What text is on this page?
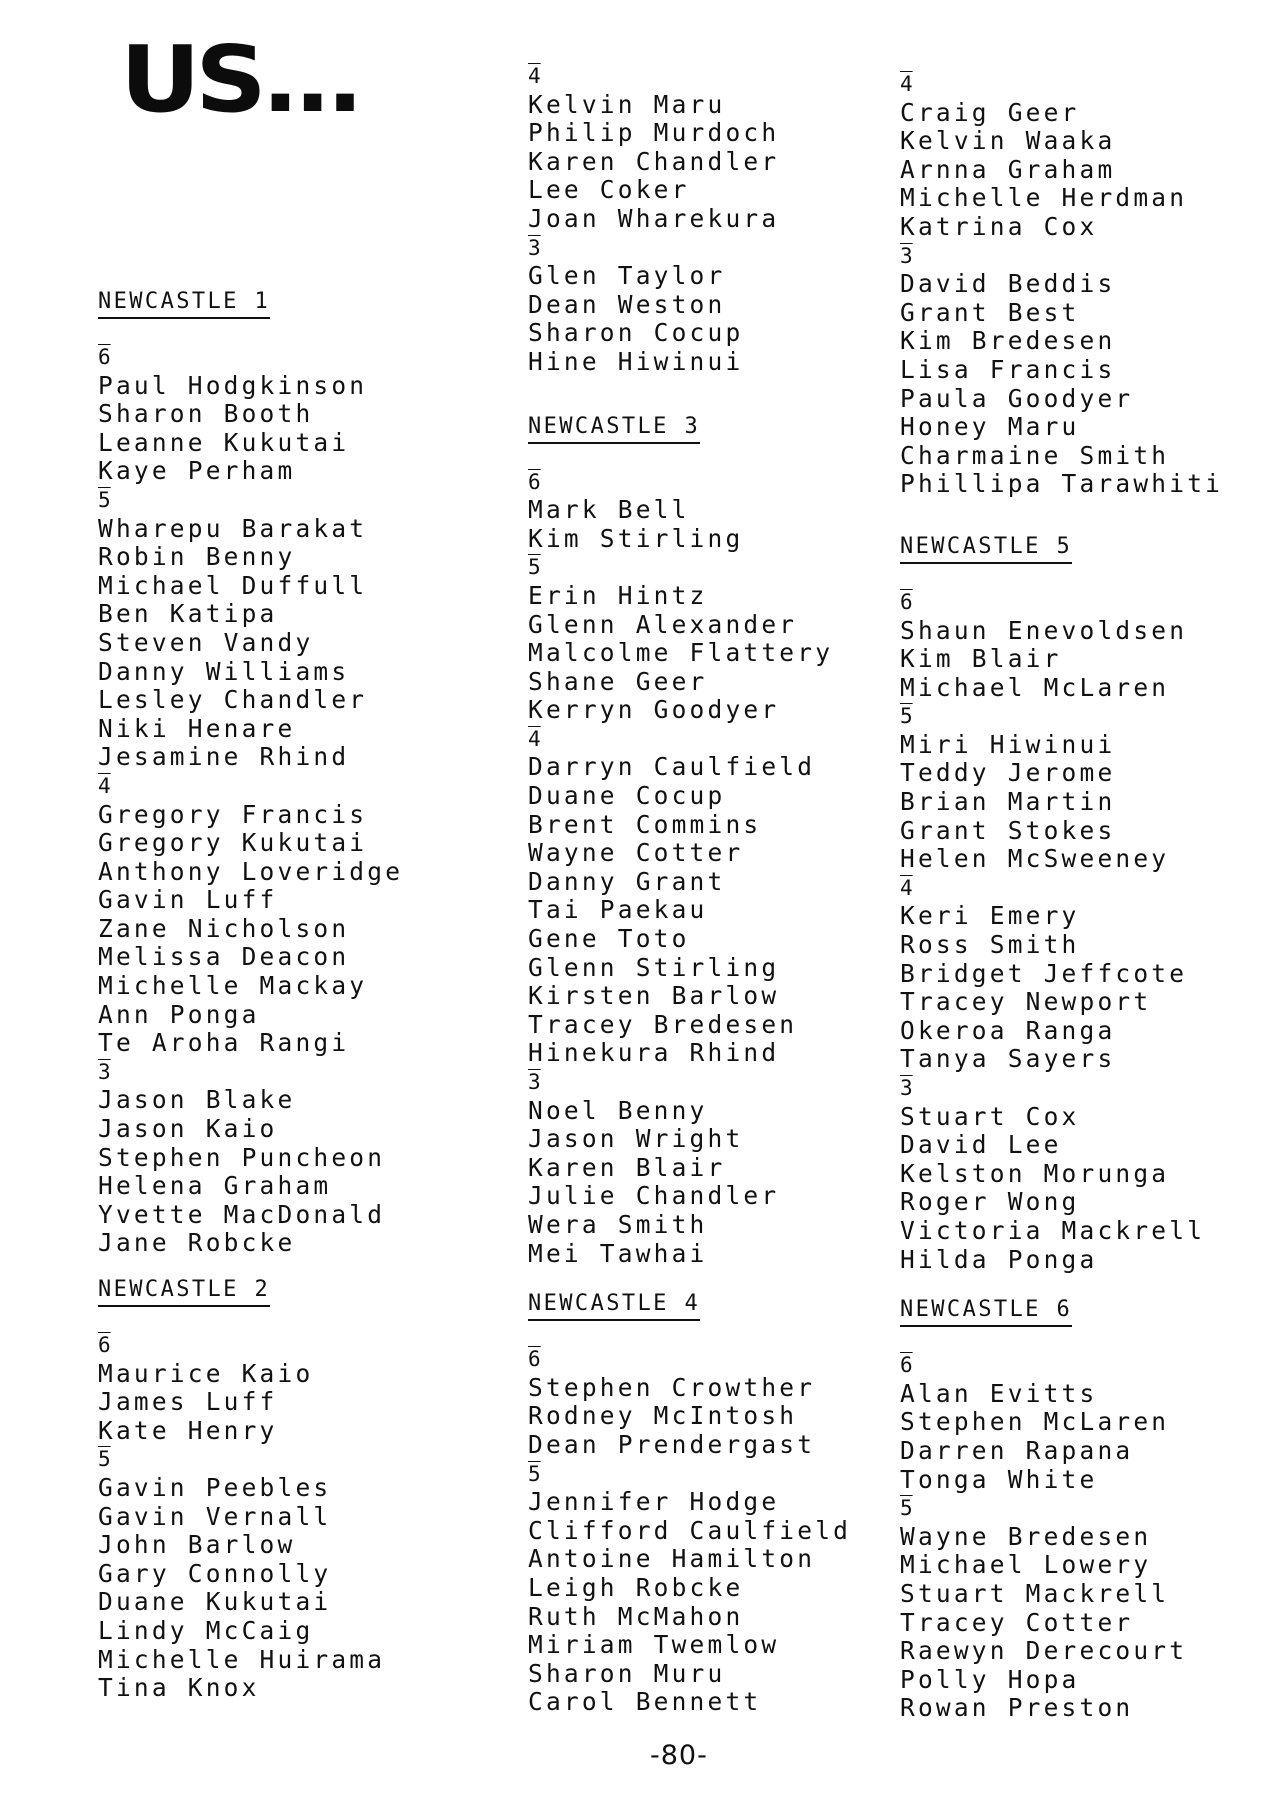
US...
NEWCASTLE 1
6
Paul Hodgkinson
Sharon Booth
Leanne Kukutai
Kaye Perham
5
Wharepu Barakat
Robin Benny
Michael Duffull
Ben Katipa
Steven Vandy
Danny Williams
Lesley Chandler
Niki Henare
Jesamine Rhind
4
Gregory Francis
Gregory Kukutai
Anthony Loveridge
Gavin Luff
Zane Nicholson
Melissa Deacon
Michelle Mackay
Ann Ponga
Te Aroha Rangi
3
Jason Blake
Jason Kaio
Stephen Puncheon
Helena Graham
Yvette MacDonald
Jane Robcke
NEWCASTLE 2
6
Maurice Kaio
James Luff
Kate Henry
5
Gavin Peebles
Gavin Vernall
John Barlow
Gary Connolly
Duane Kukutai
Lindy McCaig
Michelle Huirama
Tina Knox
4
Kelvin Maru
Philip Murdoch
Karen Chandler
Lee Coker
Joan Wharekura
3
Glen Taylor
Dean Weston
Sharon Cocup
Hine Hiwinui
NEWCASTLE 3
6
Mark Bell
Kim Stirling
5
Erin Hintz
Glenn Alexander
Malcolme Flattery
Shane Geer
Kerryn Goodyer
4
Darryn Caulfield
Duane Cocup
Brent Commins
Wayne Cotter
Danny Grant
Tai Paekau
Gene Toto
Glenn Stirling
Kirsten Barlow
Tracey Bredesen
Hinekura Rhind
3
Noel Benny
Jason Wright
Karen Blair
Julie Chandler
Wera Smith
Mei Tawhai
NEWCASTLE 4
6
Stephen Crowther
Rodney McIntosh
Dean Prendergast
5
Jennifer Hodge
Clifford Caulfield
Antoine Hamilton
Leigh Robcke
Ruth McMahon
Miriam Twemlow
Sharon Muru
Carol Bennett
4
Craig Geer
Kelvin Waaka
Arnna Graham
Michelle Herdman
Katrina Cox
3
David Beddis
Grant Best
Kim Bredesen
Lisa Francis
Paula Goodyer
Honey Maru
Charmaine Smith
Phillipa Tarawhiti
NEWCASTLE 5
6
Shaun Enevoldsen
Kim Blair
Michael McLaren
5
Miri Hiwinui
Teddy Jerome
Brian Martin
Grant Stokes
Helen McSweeney
4
Keri Emery
Ross Smith
Bridget Jeffcote
Tracey Newport
Okeroa Ranga
Tanya Sayers
3
Stuart Cox
David Lee
Kelston Morunga
Roger Wong
Victoria Mackrell
Hilda Ponga
NEWCASTLE 6
6
Alan Evitts
Stephen McLaren
Darren Rapana
Tonga White
5
Wayne Bredesen
Michael Lowery
Stuart Mackrell
Tracey Cotter
Raewyn Derecourt
Polly Hopa
Rowan Preston
-80-
